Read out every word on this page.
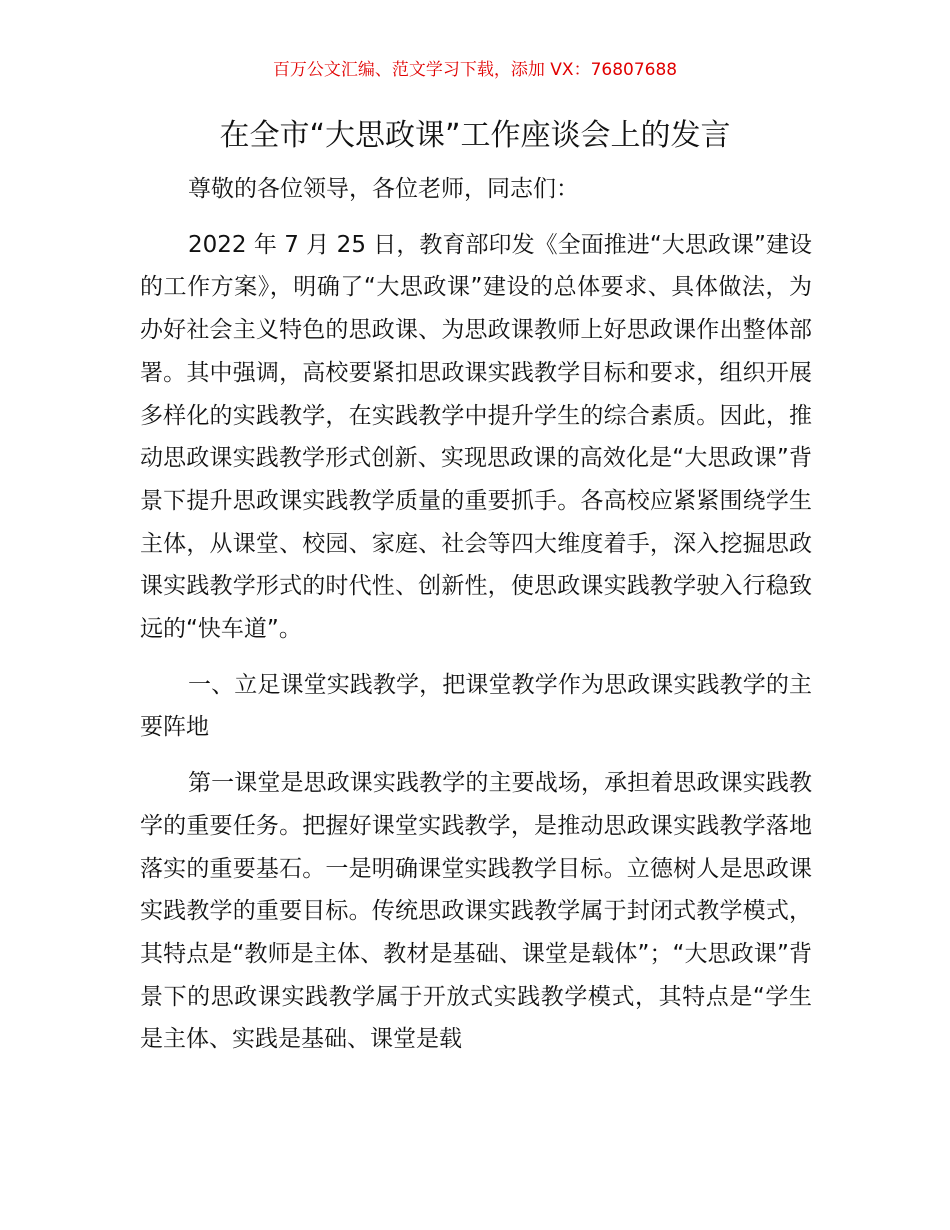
百万公文汇编、范文学习下载，添加 VX：76807688
在全市“大思政课”工作座谈会上的发言

尊敬的各位领导，各位老师，同志们：

2022 年 7 月 25 日，教育部印发《全面推进“大思政课”建设的工作方案》，明确了“大思政课”建设的总体要求、具体做法，为办好社会主义特色的思政课、为思政课教师上好思政课作出整体部署。其中强调，高校要紧扣思政课实践教学目标和要求，组织开展多样化的实践教学，在实践教学中提升学生的综合素质。因此，推动思政课实践教学形式创新、实现思政课的高效化是“大思政课”背景下提升思政课实践教学质量的重要抓手。各高校应紧紧围绕学生主体，从课堂、校园、家庭、社会等四大维度着手，深入挖掘思政课实践教学形式的时代性、创新性，使思政课实践教学驶入行稳致远的“快车道”。

一、立足课堂实践教学，把课堂教学作为思政课实践教学的主要阵地

第一课堂是思政课实践教学的主要战场，承担着思政课实践教学的重要任务。把握好课堂实践教学，是推动思政课实践教学落地落实的重要基石。一是明确课堂实践教学目标。立德树人是思政课实践教学的重要目标。传统思政课实践教学属于封闭式教学模式，其特点是“教师是主体、教材是基础、课堂是载体”；“大思政课”背景下的思政课实践教学属于开放式实践教学模式，其特点是“学生是主体、实践是基础、课堂是载
